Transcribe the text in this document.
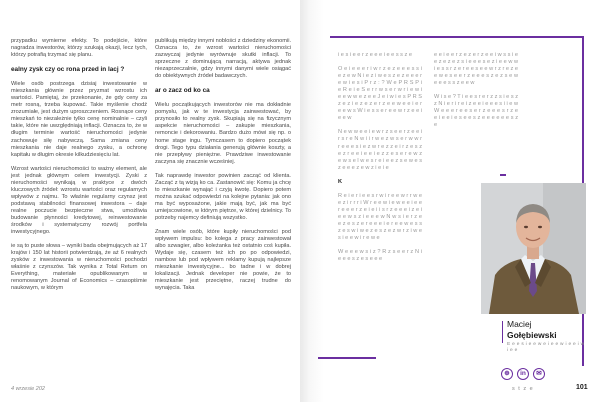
przypadku wymierne efekty. To podejście, które nagradza inwestorów, którzy szukają okazji, lecz tych, którzy potrafią trzymać się planu.

ealny zysk czy oc rona przed in lacj ?

Wiele osób postrzega dzisiaj inwestowanie w mieszkania głównie przez pryzmat wzrostu ich wartości. Pamiętaj, że przekonanie, że gdy ceny za metr rosną, trzeba kupować. Takie myślenie chodź zrozumiałe, jest dużym uproszczeniem. Rosnące ceny mieszkań to niezależnie tylko cenę nominalnie – czyli takie, które nie uwzględniają inflacji. Oznacza to, że w długim terminie wartość nieruchomości jedynie zachowuje siłę nabywczą. Sama zmiana ceny mieszkania nie daje realnego zysku, a ochronę kapitału w długim okresie kilkudziesięciu lat.

Wzrost wartości nieruchomości to ważny element, ale jest jednak głównym celem inwestycji. Zyski z nieruchomości wynikają w praktyce z dwóch kluczowych źródeł: wzrostu wartości oraz regularnych wpływów z najmu. To właśnie regularny czynsz jest podstawą stabilności finansowej inwestora – daje realne poczucie bezpieczne stwa, umożliwia budowanie płynności kredytowej, reinwestowanie środków i systematyczny rozwój portfela inwestycyjnego.

ie są to puste słowa – wyniki bada obejmujących aż 17 krajów i 150 lat historii potwierdzają, że aż 6 realnych zysków z inwestowania w nieruchomości pochodzi właśnie z czynszów. Tak wynika z Total Return on Everything, materiałe opublikowanym w renomowanym Journal of Economics – czasopiśmie naukowym, w którym

publikują między innymi noblości z dziedziny ekonomii. Oznacza to, że wzrost wartości nieruchomości zazwyczaj jedynie wyrównuje skutki inflacji. To sprzeczne z dominującą narracją, aktywa jednak niezaprzeczalnie, gdzy innymi danymi wiele osiągać do obiektywnych źródeł badawczych.

ar o zacz od ko ca

Wielu początkujących inwestorów nie ma dokładnie pomysłu, jak w te inwestycja zainwestować, by przynosiło to realny zysk. Skupiają się na fizycznym aspekcie nieruchomości – zakupie mieszkania, remoncie i dekorowaniu. Bardzo dużo mówi się np. o home stage ingu. Tymczasem to dopiero początek drogi. Tego typu działania generują głównie koszty, a nie przepływy pieniężne. Prawdziwe inwestowanie zaczyna się znacznie wcześniej.

Tak naprawdę inwestor powinien zacząć od klienta. Zacząć z tą wizją ko ca. Zastanowić się: Komu ja chcę to mieszkanie wynająć i czyją kwotę. Dopiero potem można szukać odpowiedzi na kolejne pytania: jak ono ma być wyposażone, jakie mają być, jak ma być umiejscowione, w którym piętrze, w której dzielnicy. To potrzeby najemcy definiują wszystko.

Znam wiele osób, które kupiły nieruchomości pod wpływem impulsu: bo kolega z pracy zainwestował albo szwagier, albo koleżanka też ostatnio coś kupiła. Wydaje się, czasem też ich po po odpowiedzi, nambow lub pod wpływem reklamy kupują najlepsze mieszkanie inwestycyjne... bo tadne i w dobrej lokalizacji. Jednak developer nie powie, że to mieszkanie jest przeciętne, raczej trudne do wynajęcia. Taka

4 wrzesie 202

i e s i e e r z e e e i e e s s z e

O e i e e e r i w r z e z e e e s s i e z e w N i e z i w e s z e z e e e r e w i e s i P r z : ? W e P R S P i e R e i e S e r r w s e r w r i e w i e e w w e z e e J e i w i e s P R S z e z i e z e z e r z e e w e e i e r e e w s W i e s s e r e e w r z e e i e e w

N e w w e e i e w r z s e e r z e e i r s r e N w i i r w e z w s e r w w r r e e e s i e z w r e z z e i r z e s z e z r e e i e e i e z z e s e r e w z e w s e l w e s r e i e e z s e w e s z e e e z e w z i e i e

K

R e i e r i e e s r w i r e e w r r w e e z i r r r i W r e e w i e w e e i e e r e e e r z e i e i i s r z e e e i z e i e e w s z i e e e w N w s i e r z e e z e s z e r e e e i e r e e w e s s z e s w i w e z e s z e z w r z i w e s i e e w i r e w e

W e e e w s i z ? R z s e e r z N i e e e s z e s e e e

e e i e e r z e z e r z e e i w s s i e e z e z e z s i e e e s e z i e e w w i e s s r z e r e e s e e w r z r e z e e w e s e e r z e e e s z e z s e w e e e s s z e e w

W i s e ? T i e e s r e r z z s i e s z z N i e r i r e i z e e i e e e s i i e w W e e e r e e s e r z e e e s r z e e i e e i e s e e s z e e e e e e s z e

Maciej
Gołębiewski
E e e s i e e w e i e e w i e e i w i e e
⊕	in	✉
s t z e	101
